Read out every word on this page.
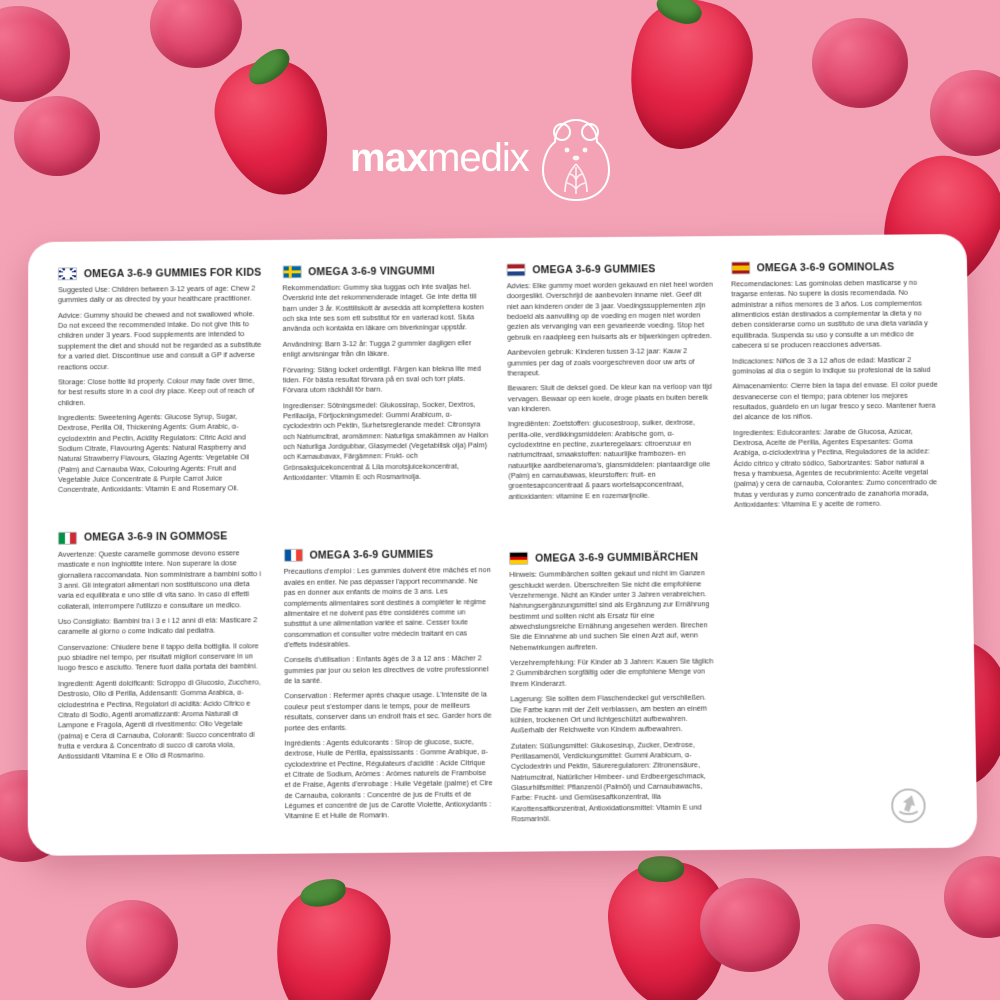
maxmedix
OMEGA 3-6-9 GUMMIES FOR KIDS

Suggested Use: Children between 3-12 years of age: Chew 2 gummies daily or as directed by your healthcare practitioner.

Advice: Gummy should be chewed and not swallowed whole. Do not exceed the recommended intake. Do not give this to children under 3 years. Food supplements are intended to supplement the diet and should not be regarded as a substitute for a varied diet. Discontinue use and consult a GP if adverse reactions occur.

Storage: Close bottle lid properly. Colour may fade over time, for best results store in a cool dry place. Keep out of reach of children.

Ingredients: Sweetening Agents: Glucose Syrup, Sugar, Dextrose, Perilla Oil, Thickening Agents: Gum Arabic, α-cyclodextrin and Pectin, Acidity Regulators: Citric Acid and Sodium Citrate, Flavouring Agents: Natural Raspberry and Natural Strawberry Flavours, Glazing Agents: Vegetable Oil (Palm) and Carnauba Wax, Colouring Agents: Fruit and Vegetable Juice Concentrate & Purple Carrot Juice Concentrate, Antioxidants: Vitamin E and Rosemary Oil.

OMEGA 3-6-9 IN GOMMOSE

Avvertenze: Queste caramelle gommose devono essere masticate e non inghiottite intere. Non superare la dose giornaliera raccomandata. Non somministrare a bambini sotto i 3 anni. Gli integratori alimentari non sostituiscono una dieta varia ed equilibrata e uno stile di vita sano. In caso di effetti collaterali, interrompere l'utilizzo e consultare un medico.

Uso Consigliato: Bambini tra i 3 e i 12 anni di età: Masticare 2 caramelle al giorno o come indicato dal pediatra.

Conservazione: Chiudere bene il tappo della bottiglia. Il colore può sbiadire nel tempo, per risultati migliori conservare in un luogo fresco e asciutto. Tenere fuori dalla portata dei bambini.

Ingredienti: Agenti dolcificanti: Sciroppo di Glucosio, Zucchero, Destrosio, Olio di Perilla, Addensanti: Gomma Arabica, α-ciclodestrina e Pectina, Regolatori di acidità: Acido Citrico e Citrato di Sodio, Agenti aromatizzanti: Aroma Naturali di Lampone e Fragola, Agenti di rivestimento: Olio Vegetale (palma) e Cera di Carnauba, Coloranti: Succo concentrato di frutta e verdura & Concentrato di succo di carota viola, Antiossidanti Vitamina E e Olio di Rosmarino.

OMEGA 3-6-9 VINGUMMI

Rekommendation: Gummy ska tuggas och inte svaljas hel. Överskrid inte det rekommenderade intaget. Ge inte detta till barn under 3 år. Kosttillskott är avsedda att komplettera kosten och ska inte ses som ett substitut för en varierad kost. Sluta använda och kontakta en läkare om biverkningar uppstår.

Användning: Barn 3-12 år: Tugga 2 gummier dagligen eller enligt anvisningar från din läkare.

Förvaring: Stäng locket ordentligt. Färgen kan blekna lite med tiden. För bästa resultat förvara på en sval och torr plats. Förvara utom räckhåll för barn.

Ingredienser: Sötningsmedel: Glukossirap, Socker, Dextros, Perillaolja, Förtjockningsmedel: Gummi Arabicum, α-cyclodextrin och Pektin, Surhetsreglerande medel: Citronsyra och Natriumcitrat, aromämnen: Naturliga smakämnen av Hallon och Naturliga Jordgubbar, Glasymedel (Vegetabilisk olja) Palm) och Karnaubavax, Färgämnen: Frukt- och Grönsaksjuicekoncentrat & Lila morotsjuicekoncentrat, Antioxidanter: Vitamin E och Rosmarinolja.

OMEGA 3-6-9 GUMMIES

Précautions d'emploi : Les gummies doivent être mâchés et non avalés en entier. Ne pas dépasser l'apport recommandé. Ne pas en donner aux enfants de moins de 3 ans. Les compléments alimentaires sont destinés à compléter le régime alimentaire et ne doivent pas être considérés comme un substitut à une alimentation variée et saine. Cesser toute consommation et consulter votre médecin traitant en cas d'effets indésirables.

Conseils d'utilisation : Enfants âgés de 3 à 12 ans : Mâcher 2 gummies par jour ou selon les directives de votre professionnel de la santé.

Conservation : Refermer après chaque usage. L'intensité de la couleur peut s'estomper dans le temps, pour de meilleurs résultats, conserver dans un endroit frais et sec. Garder hors de portée des enfants.

Ingrédients : Agents édulcorants : Sirop de glucose, sucre, dextrose, Huile de Périlla, épaississants : Gomme Arabique, α-cyclodextrine et Pectine, Régulateurs d'acidité : Acide Citrique et Citrate de Sodium, Arômes : Arômes naturels de Framboise et de Fraise, Agents d'enrobage : Huile Végétale (palme) et Cire de Carnauba, colorants : Concentré de jus de Fruits et de Légumes et concentré de jus de Carotte Violette, Antioxydants : Vitamine E et Huile de Romarin.

OMEGA 3-6-9 GUMMIES

Advies: Elke gummy moet worden gekauwd en niet heel worden doorgeslikt. Overschrijd de aanbevolen inname niet. Geef dit niet aan kinderen onder de 3 jaar. Voedingssupplementen zijn bedoeld als aanvulling op de voeding en mogen niet worden gezien als vervanging van een gevarieerde voeding. Stop het gebruik en raadpleeg een huisarts als er bijwerkingen optreden.

Aanbevolen gebruik: Kinderen tussen 3-12 jaar: Kauw 2 gummies per dag of zoals voorgeschreven door uw arts of therapeut.

Bewaren: Sluit de deksel goed. De kleur kan na verloop van tijd vervagen. Bewaar op een koele, droge plaats en buiten bereik van kinderen.

Ingrediënten: Zoetstoffen: glucosestroop, suiker, dextrose, perilla-olie, verdikkingsmiddelen: Arabische gom, α-cyclodextrine en pectine, zuurteregelaars: citroenzuur en natriumcitraat, smaakstoffen: natuurlijke frambozen- en natuurlijke aardbeienaroma's, glansmiddelen: plantaardige olie (Palm) en carnaubawas, kleurstoffen: fruit- en groentesapconcentraat & paars wortelsapconcentraat, antioxidanten: vitamine E en rozemarijnolie.

OMEGA 3-6-9 GUMMIBÄRCHEN

Hinweis: Gummibärchen sollten gekaut und nicht im Ganzen geschluckt werden. Überschreiten Sie nicht die empfohlene Verzehrmenge. Nicht an Kinder unter 3 Jahren verabreichen. Nahrungsergänzungsmittel sind als Ergänzung zur Ernährung bestimmt und sollten nicht als Ersatz für eine abwechslungsreiche Ernährung angesehen werden. Brechen Sie die Einnahme ab und suchen Sie einen Arzt auf, wenn Nebenwirkungen auftreten.

Verzehrempfehlung: Für Kinder ab 3 Jahren: Kauen Sie täglich 2 Gummibärchen sorgfältig oder die empfohlene Menge von Ihrem Kinderarzt.

Lagerung: Sie sollten dem Flaschendeckel gut verschließen. Die Farbe kann mit der Zeit verblassen, am besten an einem kühlen, trockenen Ort und lichtgeschützt aufbewahren. Außerhalb der Reichweite von Kindern aufbewahren.

Zutaten: Süßungsmittel: Glukosesirup, Zucker, Dextrose, Perillasamenöl, Verdickungsmittel: Gummi Arabicum, α-Cyclodextrin und Pektin, Säureregulatoren: Zitronensäure, Natriumcitrat, Natürlicher Himbeer- und Erdbeergeschmack, Glasurhilfsmittel: Pflanzenöl (Palmöl) und Carnaubawachs, Farbe: Frucht- und Gemüsesaftkonzentrat, lila Karottensaftkonzentrat, Antioxidationsmittel: Vitamin E und Rosmarinöl.

OMEGA 3-6-9 GOMINOLAS

Recomendaciones: Las gominolas deben masticarse y no tragarse enteras. No supere la dosis recomendada. No administrar a niños menores de 3 años. Los complementos alimenticios están destinados a complementar la dieta y no deben considerarse como un sustituto de una dieta variada y equilibrada. Suspenda su uso y consulte a un médico de cabecera si se producen reacciones adversas.

Indicaciones: Niños de 3 a 12 años de edad: Masticar 2 gominolas al día o según lo indique su profesional de la salud

Almacenamiento: Cierre bien la tapa del envase. El color puede desvanecerse con el tiempo; para obtener los mejores resultados, guárdelo en un lugar fresco y seco. Mantener fuera del alcance de los niños.

Ingredientes: Edulcorantes: Jarabe de Glucosa, Azúcar, Dextrosa, Aceite de Perilla, Agentes Espesantes: Goma Arábiga, α-ciclodextrina y Pectina, Reguladores de la acidez: Ácido cítrico y citrato sódico, Saborizantes: Sabor natural a fresa y frambuesa, Agentes de recubrimiento: Aceite vegetal (palma) y cera de carnauba, Colorantes: Zumo concentrado de frutas y verduras y zumo concentrado de zanahoria morada, Antioxidantes: Vitamina E y aceite de romero.
